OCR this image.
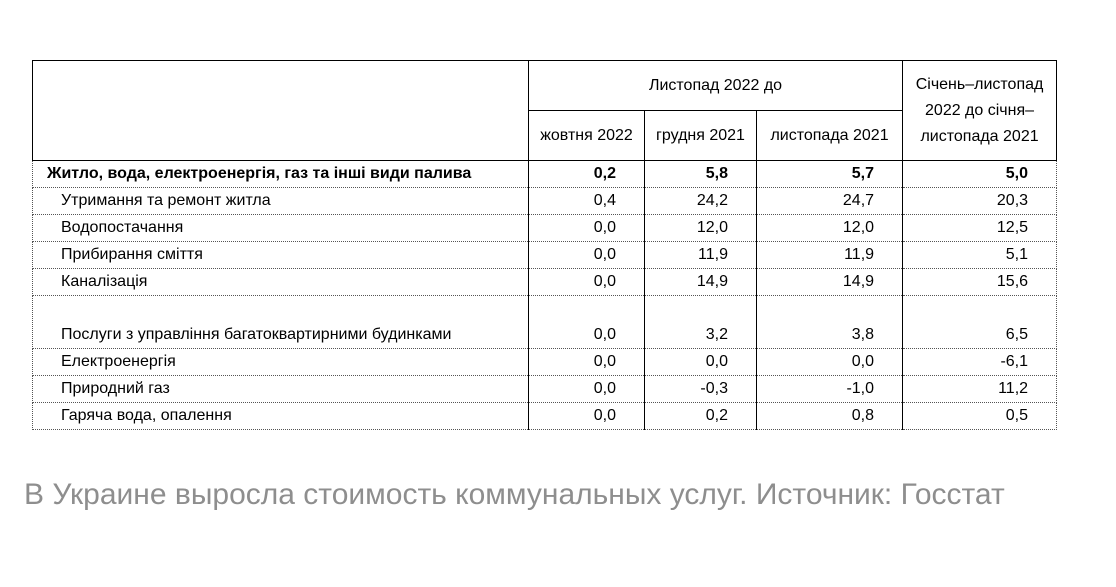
	Листопад 2022 до			Січень–листопад 2022 до січня–листопада 2021
	жовтня 2022	грудня 2021	листопада 2021	
Житло, вода, електроенергія, газ та інші види палива	0,2	5,8	5,7	5,0
Утримання та ремонт житла	0,4	24,2	24,7	20,3
Водопостачання	0,0	12,0	12,0	12,5
Прибирання сміття	0,0	11,9	11,9	5,1
Каналізація	0,0	14,9	14,9	15,6
Послуги з управління багатоквартирними будинками	0,0	3,2	3,8	6,5
Електроенергія	0,0	0,0	0,0	-6,1
Природний газ	0,0	-0,3	-1,0	11,2
Гаряча вода, опалення	0,0	0,2	0,8	0,5
В Украине выросла стоимость коммунальных услуг. Источник: Госстат
